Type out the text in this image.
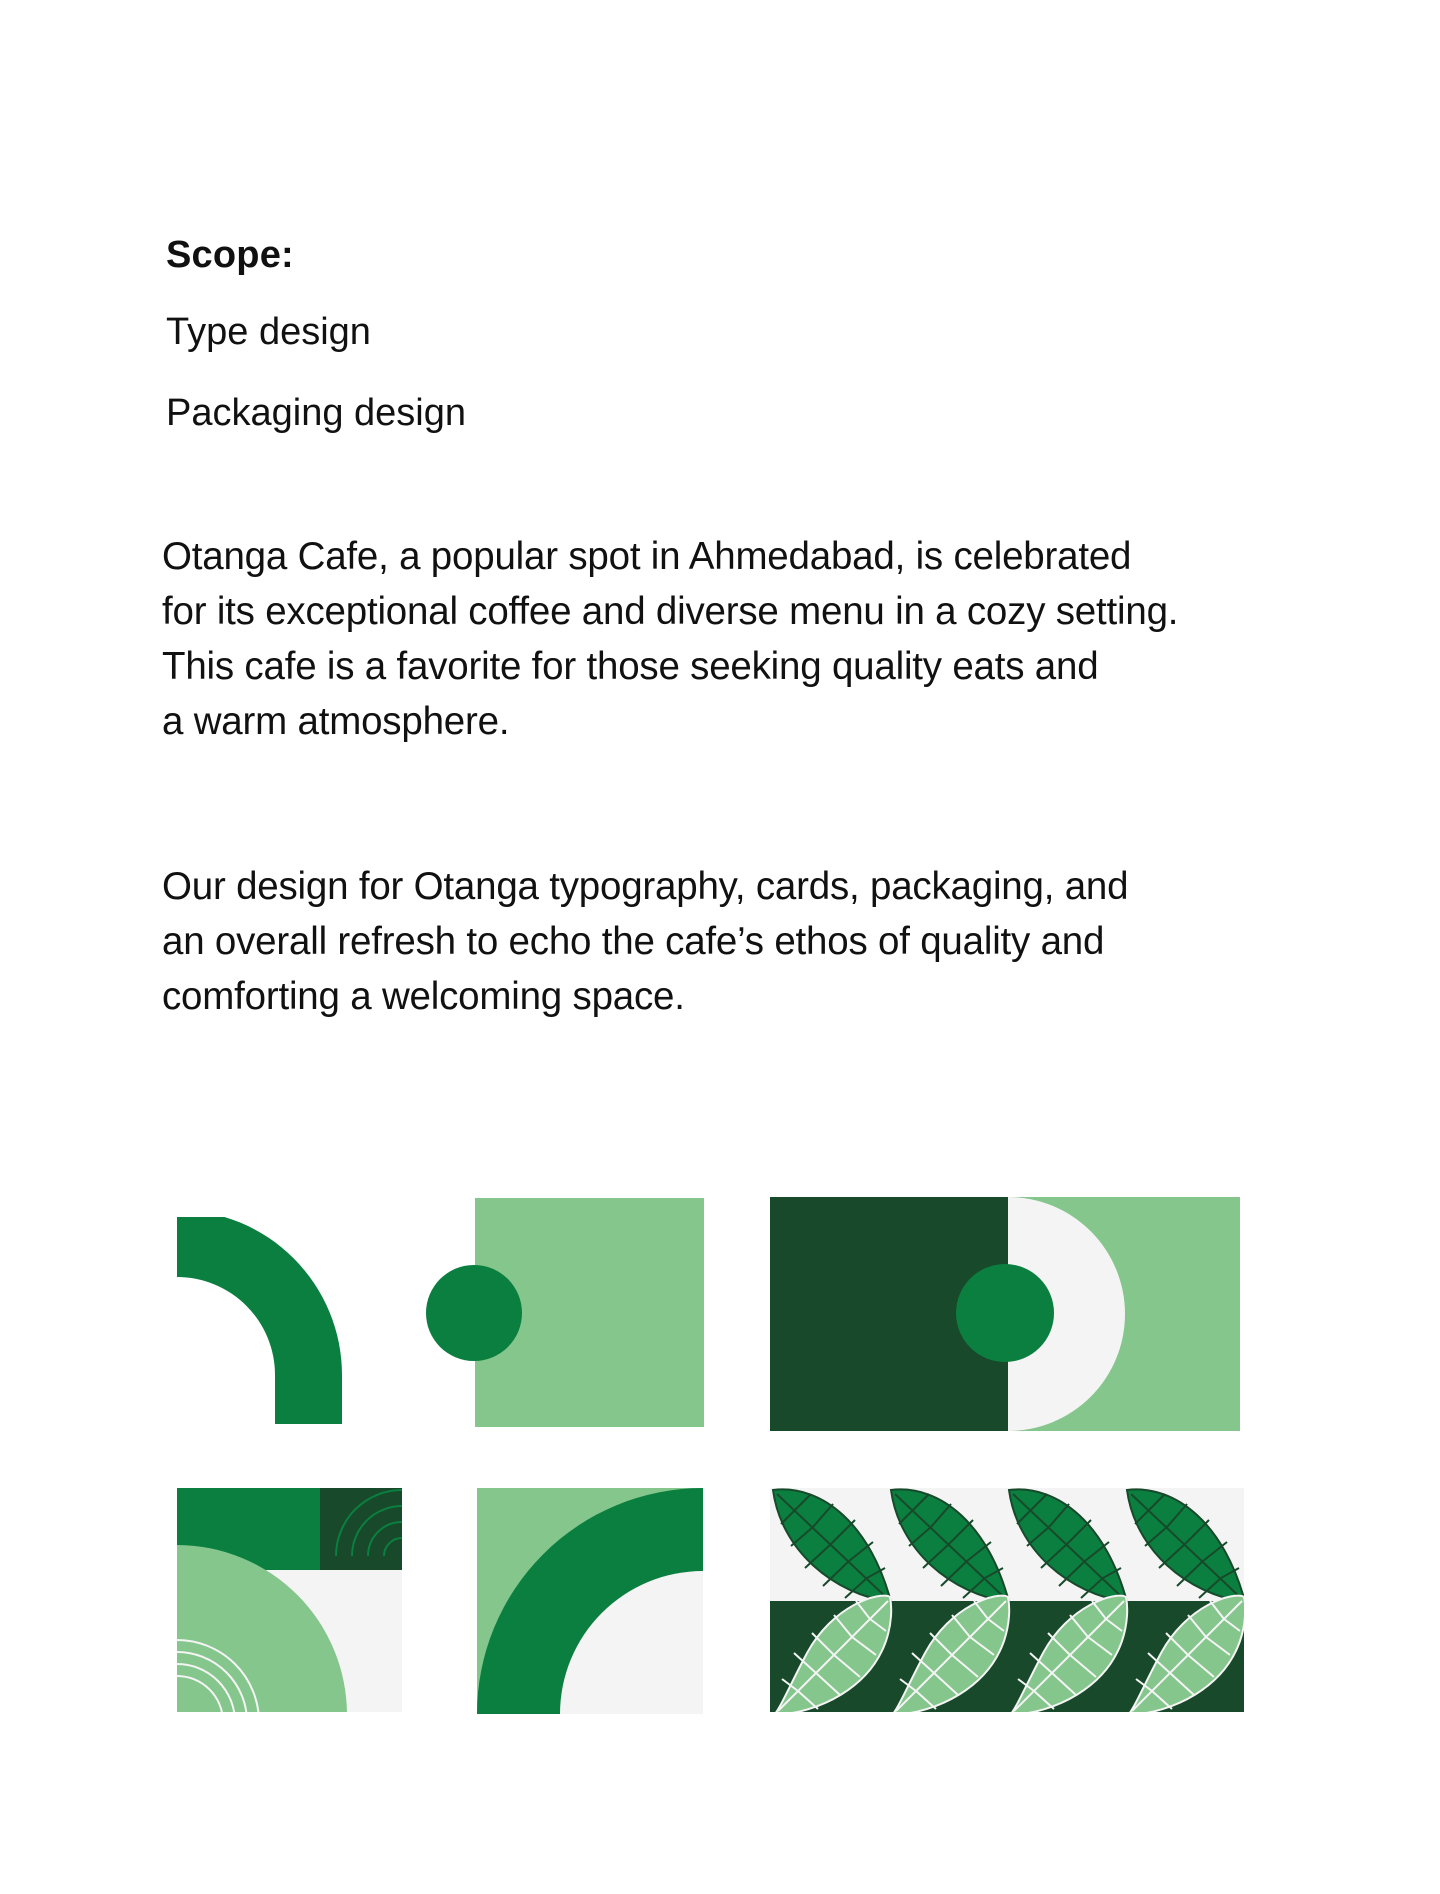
Scope:
Type design
Packaging design

Otanga Cafe, a popular spot in Ahmedabad, is celebrated
for its exceptional coffee and diverse menu in a cozy setting.
This cafe is a favorite for those seeking quality eats and
a warm atmosphere.

Our design for Otanga typography, cards, packaging, and
an overall refresh to echo the cafe’s ethos of quality and
comforting a welcoming space.
